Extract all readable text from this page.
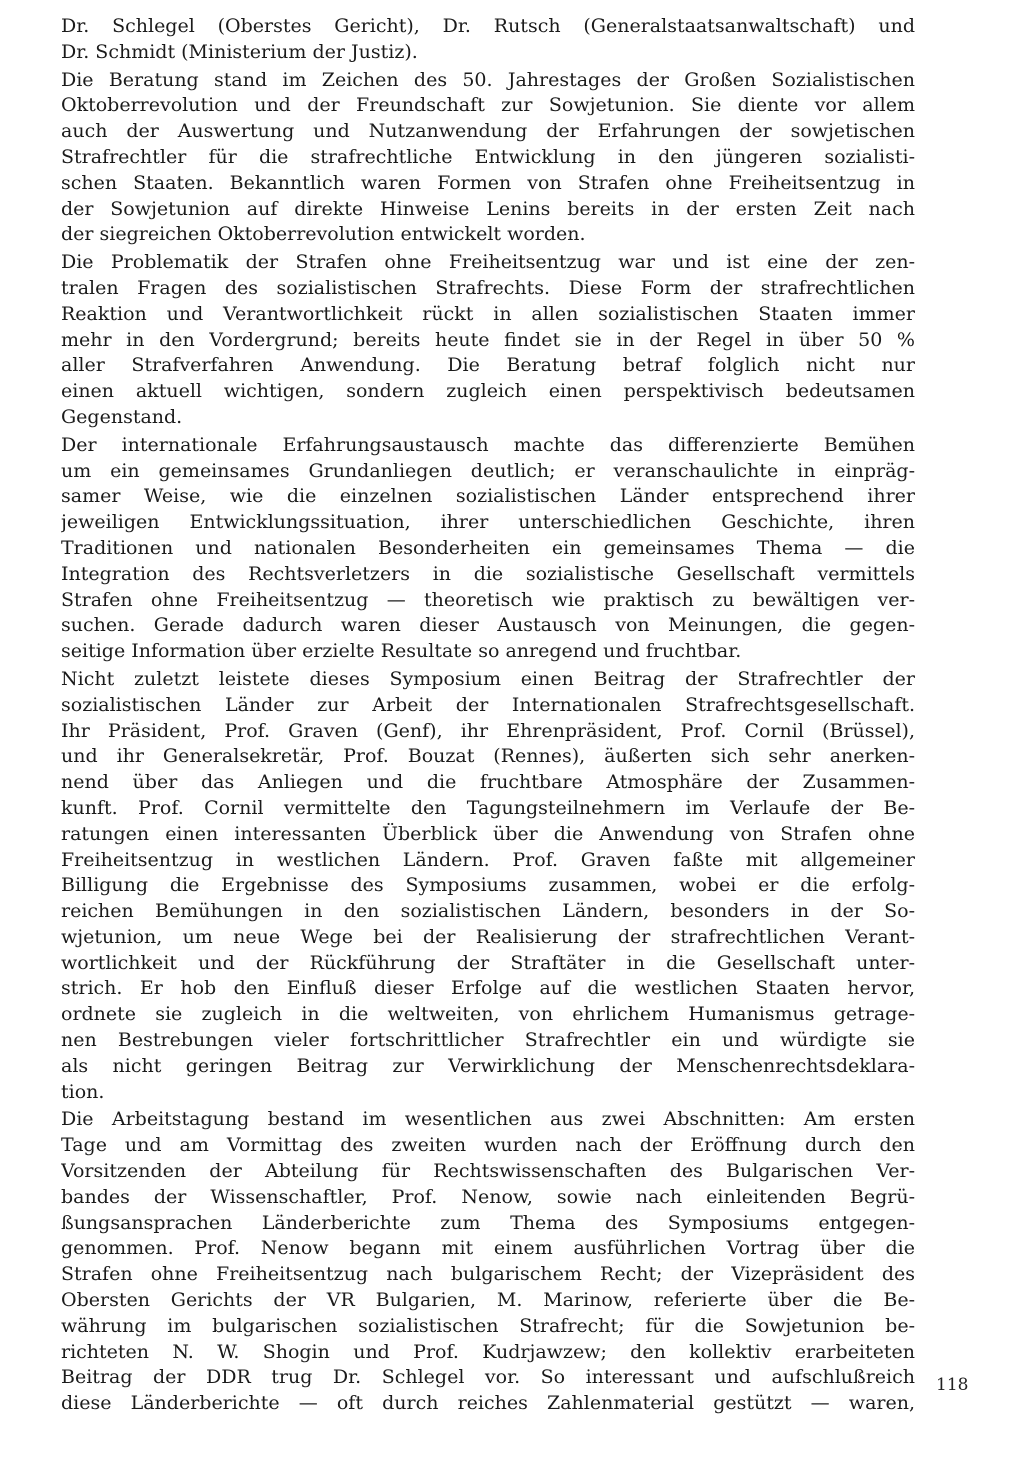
Dr. Schlegel (Oberstes Gericht), Dr. Rutsch (Generalstaatsanwaltschaft) und
Dr. Schmidt (Ministerium der Justiz).
Die Beratung stand im Zeichen des 50. Jahrestages der Großen Sozialistischen
Oktoberrevolution und der Freundschaft zur Sowjetunion. Sie diente vor allem
auch der Auswertung und Nutzanwendung der Erfahrungen der sowjetischen
Strafrechtler für die strafrechtliche Entwicklung in den jüngeren sozialisti-
schen Staaten. Bekanntlich waren Formen von Strafen ohne Freiheitsentzug in
der Sowjetunion auf direkte Hinweise Lenins bereits in der ersten Zeit nach
der siegreichen Oktoberrevolution entwickelt worden.
Die Problematik der Strafen ohne Freiheitsentzug war und ist eine der zen-
tralen Fragen des sozialistischen Strafrechts. Diese Form der strafrechtlichen
Reaktion und Verantwortlichkeit rückt in allen sozialistischen Staaten immer
mehr in den Vordergrund; bereits heute findet sie in der Regel in über 50 %
aller Strafverfahren Anwendung. Die Beratung betraf folglich nicht nur
einen aktuell wichtigen, sondern zugleich einen perspektivisch bedeutsamen
Gegenstand.
Der internationale Erfahrungsaustausch machte das differenzierte Bemühen
um ein gemeinsames Grundanliegen deutlich; er veranschaulichte in einpräg-
samer Weise, wie die einzelnen sozialistischen Länder entsprechend ihrer
jeweiligen Entwicklungssituation, ihrer unterschiedlichen Geschichte, ihren
Traditionen und nationalen Besonderheiten ein gemeinsames Thema — die
Integration des Rechtsverletzers in die sozialistische Gesellschaft vermittels
Strafen ohne Freiheitsentzug — theoretisch wie praktisch zu bewältigen ver-
suchen. Gerade dadurch waren dieser Austausch von Meinungen, die gegen-
seitige Information über erzielte Resultate so anregend und fruchtbar.
Nicht zuletzt leistete dieses Symposium einen Beitrag der Strafrechtler der
sozialistischen Länder zur Arbeit der Internationalen Strafrechtsgesellschaft.
Ihr Präsident, Prof. Graven (Genf), ihr Ehrenpräsident, Prof. Cornil (Brüssel),
und ihr Generalsekretär, Prof. Bouzat (Rennes), äußerten sich sehr anerken-
nend über das Anliegen und die fruchtbare Atmosphäre der Zusammen-
kunft. Prof. Cornil vermittelte den Tagungsteilnehmern im Verlaufe der Be-
ratungen einen interessanten Überblick über die Anwendung von Strafen ohne
Freiheitsentzug in westlichen Ländern. Prof. Graven faßte mit allgemeiner
Billigung die Ergebnisse des Symposiums zusammen, wobei er die erfolg-
reichen Bemühungen in den sozialistischen Ländern, besonders in der So-
wjetunion, um neue Wege bei der Realisierung der strafrechtlichen Verant-
wortlichkeit und der Rückführung der Straftäter in die Gesellschaft unter-
strich. Er hob den Einfluß dieser Erfolge auf die westlichen Staaten hervor,
ordnete sie zugleich in die weltweiten, von ehrlichem Humanismus getrage-
nen Bestrebungen vieler fortschrittlicher Strafrechtler ein und würdigte sie
als nicht geringen Beitrag zur Verwirklichung der Menschenrechtsdeklara-
tion.
Die Arbeitstagung bestand im wesentlichen aus zwei Abschnitten: Am ersten
Tage und am Vormittag des zweiten wurden nach der Eröffnung durch den
Vorsitzenden der Abteilung für Rechtswissenschaften des Bulgarischen Ver-
bandes der Wissenschaftler, Prof. Nenow, sowie nach einleitenden Begrü-
ßungsansprachen Länderberichte zum Thema des Symposiums entgegen-
genommen. Prof. Nenow begann mit einem ausführlichen Vortrag über die
Strafen ohne Freiheitsentzug nach bulgarischem Recht; der Vizepräsident des
Obersten Gerichts der VR Bulgarien, M. Marinow, referierte über die Be-
währung im bulgarischen sozialistischen Strafrecht; für die Sowjetunion be-
richteten N. W. Shogin und Prof. Kudrjawzew; den kollektiv erarbeiteten
Beitrag der DDR trug Dr. Schlegel vor. So interessant und aufschlußreich
diese Länderberichte — oft durch reiches Zahlenmaterial gestützt — waren,
118
